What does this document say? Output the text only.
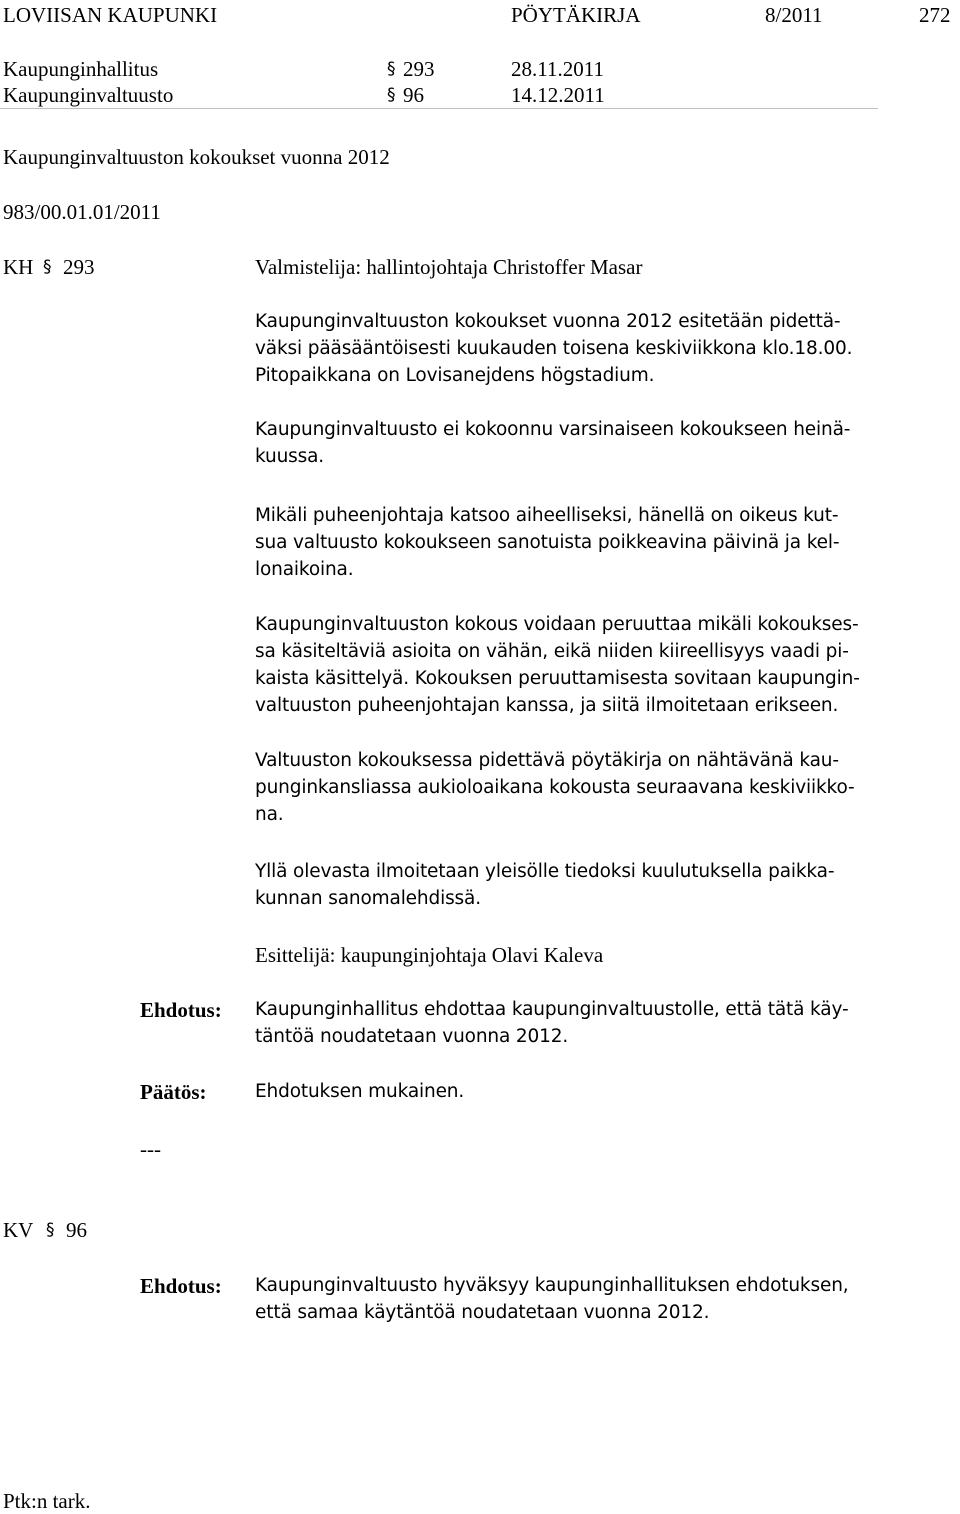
LOVIISAN KAUPUNKI	PÖYTÄKIRJA	8/2011	272
Kaupunginhallitus	§ 293	28.11.2011
Kaupunginvaltuusto	§ 96	14.12.2011
Kaupunginvaltuuston kokoukset vuonna 2012
983/00.01.01/2011
KH § 293	Valmistelija: hallintojohtaja Christoffer Masar
Kaupunginvaltuuston kokoukset vuonna 2012 esitetään pidettä-
väksi pääsääntöisesti kuukauden toisena keskiviikkona klo.18.00.
Pitopaikkana on Lovisanejdens högstadium.
Kaupunginvaltuusto ei kokoonnu varsinaiseen kokoukseen heinä-
kuussa.
Mikäli puheenjohtaja katsoo aiheelliseksi, hänellä on oikeus kut-
sua valtuusto kokoukseen sanotuista poikkeavina päivinä ja kel-
lonaikoina.
Kaupunginvaltuuston kokous voidaan peruuttaa mikäli kokoukses-
sa käsiteltäviä asioita on vähän, eikä niiden kiireellisyys vaadi pi-
kaista käsittelyä. Kokouksen peruuttamisesta sovitaan kaupungin-
valtuuston puheenjohtajan kanssa, ja siitä ilmoitetaan erikseen.
Valtuuston kokouksessa pidettävä pöytäkirja on nähtävänä kau-
punginkansliassa aukioloaikana kokousta seuraavana keskiviikko-
na.
Yllä olevasta ilmoitetaan yleisölle tiedoksi kuulutuksella paikka-
kunnan sanomalehdissä.
Esittelijä: kaupunginjohtaja Olavi Kaleva
Ehdotus: Kaupunginhallitus ehdottaa kaupunginvaltuustolle, että tätä käy-
täntöä noudatetaan vuonna 2012.
Päätös:	Ehdotuksen mukainen.
---
KV § 96
Ehdotus: Kaupunginvaltuusto hyväksyy kaupunginhallituksen ehdotuksen,
että samaa käytäntöä noudatetaan vuonna 2012.
Ptk:n tark.
